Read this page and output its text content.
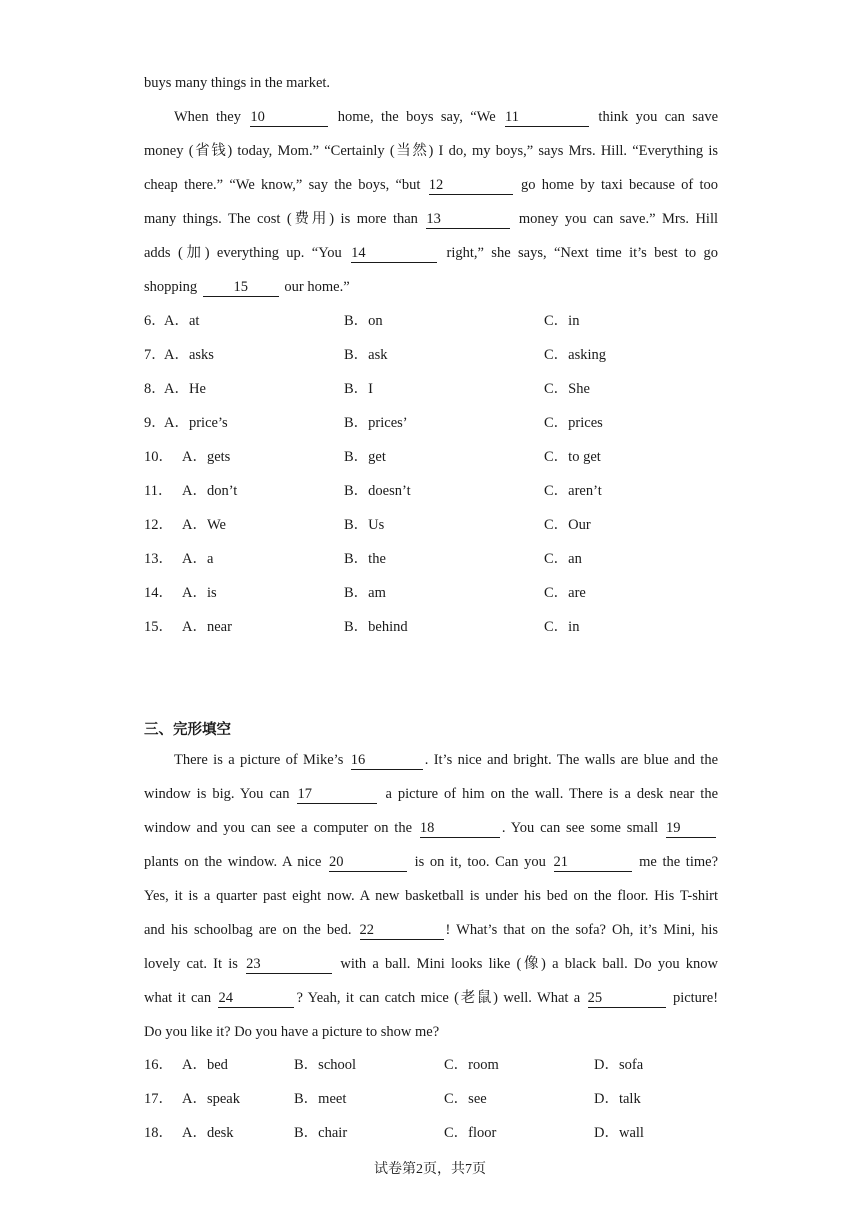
buys many things in the market.
When they 10	home, the boys say, “We 11	think you can save
money (省钱) today, Mom.” “Certainly (当然) I do, my boys,” says Mrs. Hill. “Everything is
cheap there.” “We know,” say the boys, “but 12	go home by taxi because of too
many things. The cost (费用) is more than 13	money you can save.” Mrs. Hill
adds (加) everything up. “You 14	right,” she says, “Next time it’s best to go
shopping	15	our home.”
6．
A．at	B．on	C．in
7．
A．asks	B．ask	C．asking
8．
A．He	B．I	C．She
9．
A．price’s	B．prices’	C．prices
10． A．gets	B．get	C．to get
11． A．don’t	B．doesn’t	C．aren’t
12． A．We	B．Us	C．Our
13． A．a	B．the	C．an
14． A．is	B．am	C．are
15． A．near	B．behind	C．in
三、完形填空
There is a picture of Mike’s 16	. It’s nice and bright. The walls are blue and the
window is big. You can 17	a picture of him on the wall. There is a desk near the
window and you can see a computer on the 18	. You can see some small 19
plants on the window. A nice 20	is on it, too. Can you 21	me the time?
Yes, it is a quarter past eight now. A new basketball is under his bed on the floor. His T-shirt
and his schoolbag are on the bed. 22	! What’s that on the sofa? Oh, it’s Mini, his
lovely cat. It is 23	with a ball. Mini looks like (像) a black ball. Do you know
what it can 24	? Yeah, it can catch mice (老鼠) well. What a 25	picture!
Do you like it? Do you have a picture to show me?
16． A．bed	B．school	C．room	D．sofa
17． A．speak	B．meet	C．see	D．talk
18． A．desk	B．chair	C．floor	D．wall
试卷第2页，共7页
